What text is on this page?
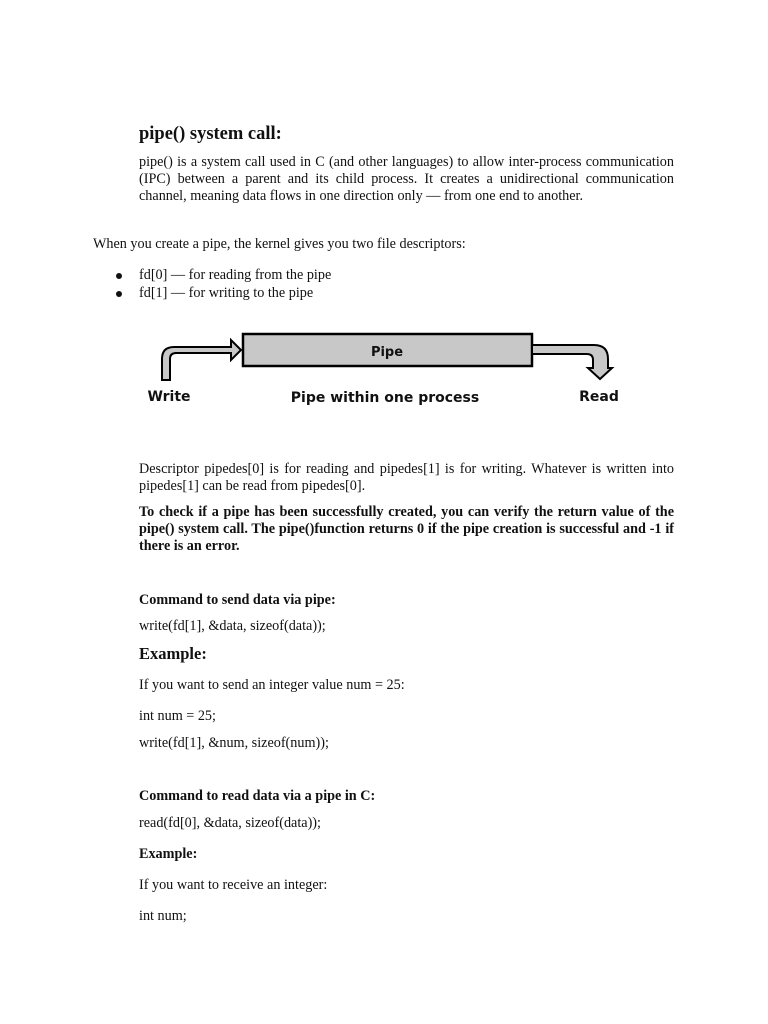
pipe() system call:
pipe() is a system call used in C (and other languages) to allow inter-process communication (IPC) between a parent and its child process. It creates a unidirectional communication channel, meaning data flows in one direction only — from one end to another.
When you create a pipe, the kernel gives you two file descriptors:
fd[0] — for reading from the pipe
fd[1] — for writing to the pipe
Pipe
Write	Pipe within one process	Read
Descriptor pipedes[0] is for reading and pipedes[1] is for writing. Whatever is written into pipedes[1] can be read from pipedes[0].
To check if a pipe has been successfully created, you can verify the return value of the pipe() system call. The pipe()function returns 0 if the pipe creation is successful and -1 if there is an error.
Command to send data via pipe:
write(fd[1], &data, sizeof(data));
Example:
If you want to send an integer value num = 25:
int num = 25;
write(fd[1], &num, sizeof(num));
Command to read data via a pipe in C:
read(fd[0], &data, sizeof(data));
Example:
If you want to receive an integer:
int num;
